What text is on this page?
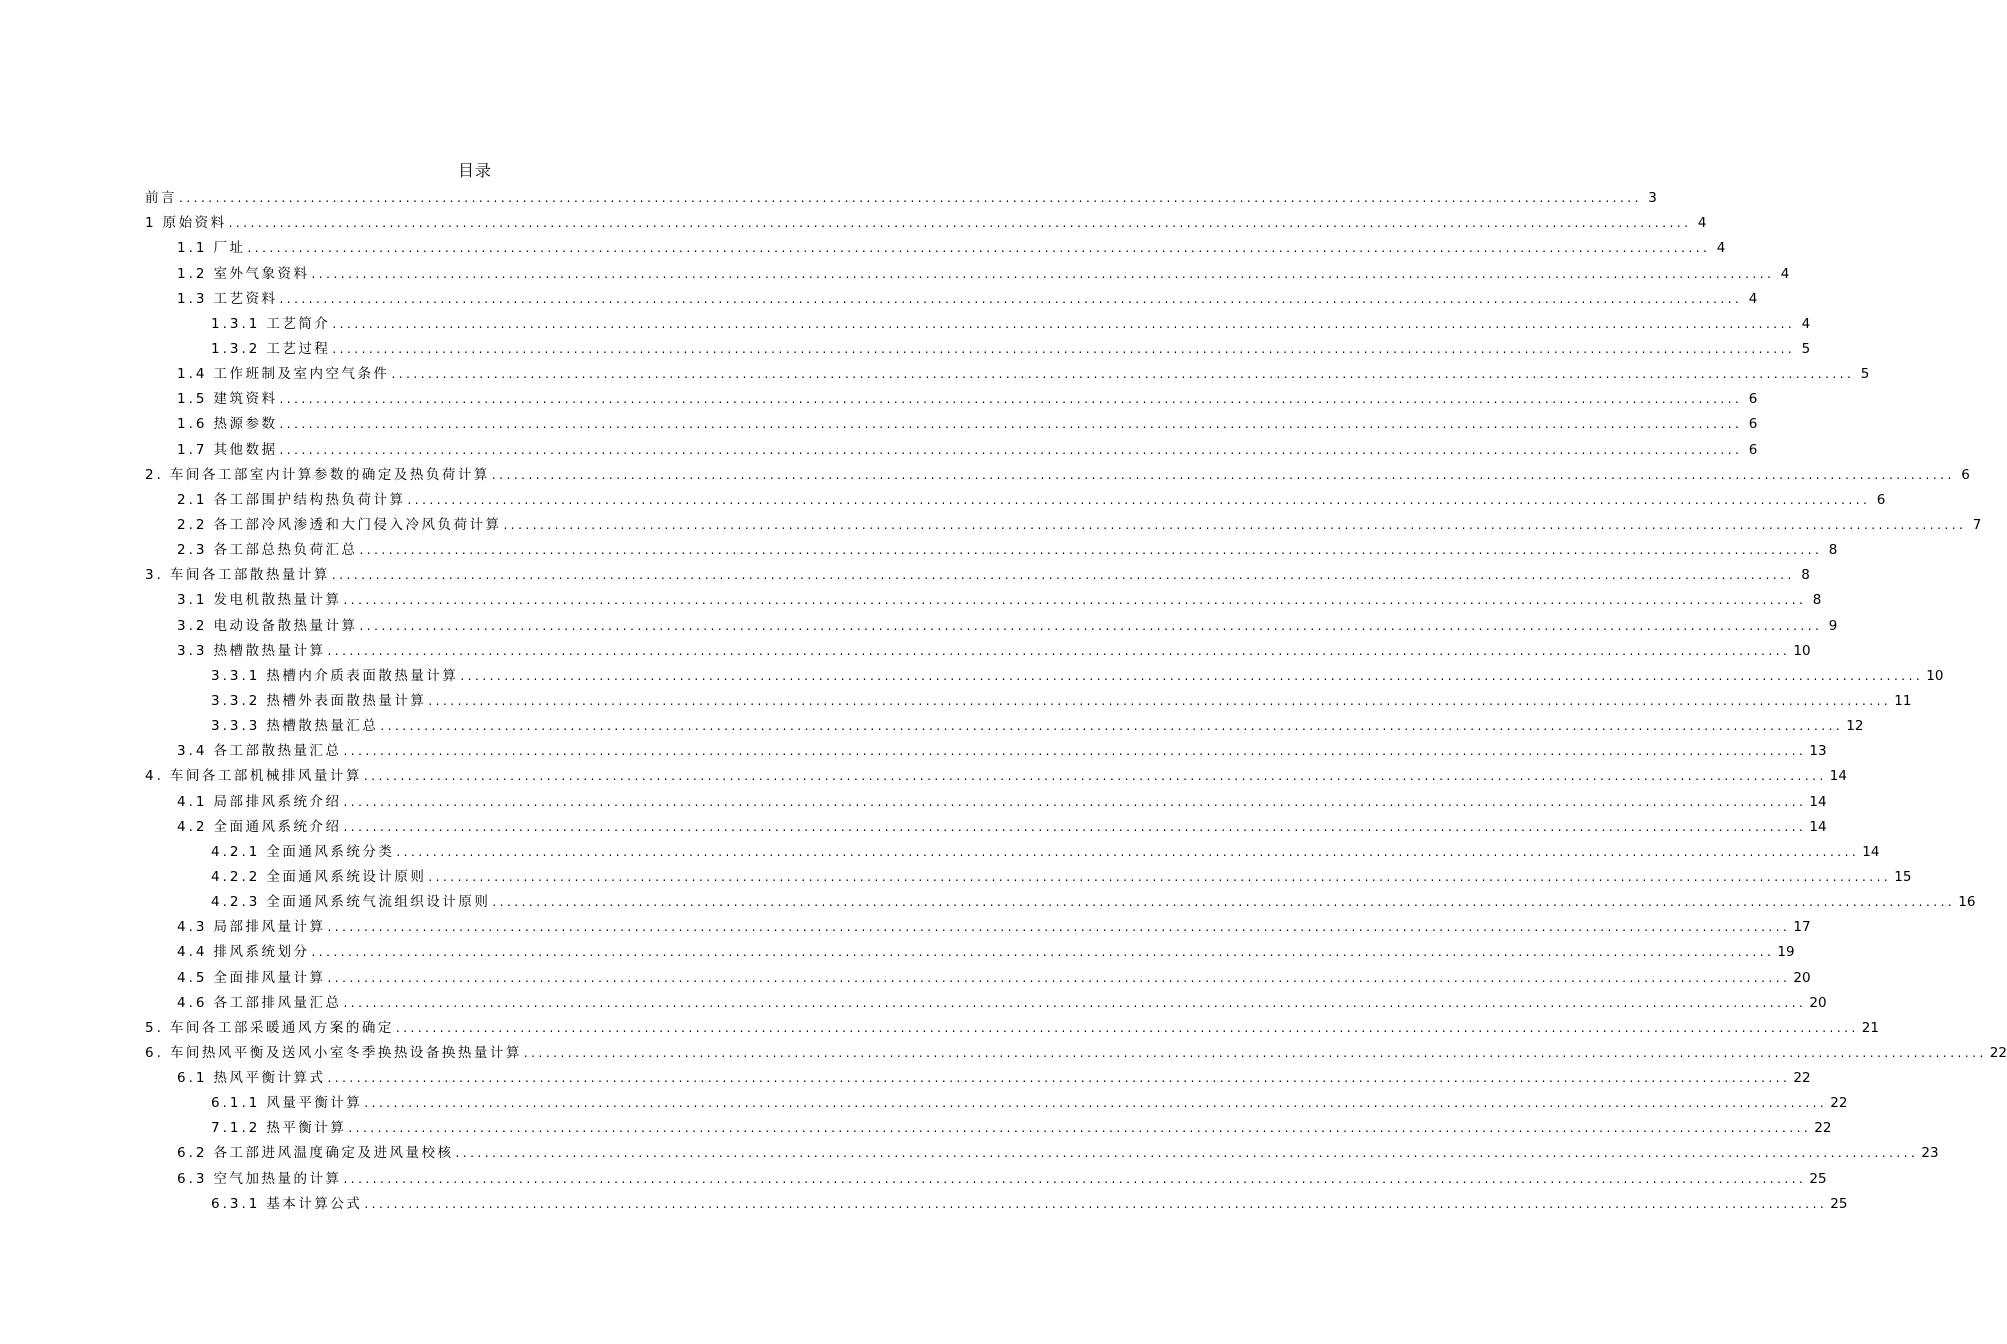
目录
前言 ........................................................................................................................................................................................................ 3
1 原始资料 ........................................................................................................................................................................................................ 4
1.1 厂址 ........................................................................................................................................................................................................ 4
1.2 室外气象资料 ........................................................................................................................................................................................................ 4
1.3 工艺资料 ........................................................................................................................................................................................................ 4
1.3.1 工艺简介 ........................................................................................................................................................................................................ 4
1.3.2 工艺过程 ........................................................................................................................................................................................................ 5
1.4 工作班制及室内空气条件 ........................................................................................................................................................................................................ 5
1.5 建筑资料 ........................................................................................................................................................................................................ 6
1.6 热源参数 ........................................................................................................................................................................................................ 6
1.7 其他数据 ........................................................................................................................................................................................................ 6
2. 车间各工部室内计算参数的确定及热负荷计算 ........................................................................................................................................................................................................ 6
2.1 各工部围护结构热负荷计算 ........................................................................................................................................................................................................ 6
2.2 各工部冷风渗透和大门侵入冷风负荷计算 ........................................................................................................................................................................................................ 7
2.3 各工部总热负荷汇总 ........................................................................................................................................................................................................ 8
3. 车间各工部散热量计算 ........................................................................................................................................................................................................ 8
3.1 发电机散热量计算 ........................................................................................................................................................................................................ 8
3.2 电动设备散热量计算 ........................................................................................................................................................................................................ 9
3.3 热槽散热量计算 ........................................................................................................................................................................................................ 10
3.3.1 热槽内介质表面散热量计算 ........................................................................................................................................................................................................ 10
3.3.2 热槽外表面散热量计算 ........................................................................................................................................................................................................ 11
3.3.3 热槽散热量汇总 ........................................................................................................................................................................................................ 12
3.4 各工部散热量汇总 ........................................................................................................................................................................................................ 13
4. 车间各工部机械排风量计算 ........................................................................................................................................................................................................ 14
4.1 局部排风系统介绍 ........................................................................................................................................................................................................ 14
4.2 全面通风系统介绍 ........................................................................................................................................................................................................ 14
4.2.1 全面通风系统分类 ........................................................................................................................................................................................................ 14
4.2.2 全面通风系统设计原则 ........................................................................................................................................................................................................ 15
4.2.3 全面通风系统气流组织设计原则 ........................................................................................................................................................................................................ 16
4.3 局部排风量计算 ........................................................................................................................................................................................................ 17
4.4 排风系统划分 ........................................................................................................................................................................................................ 19
4.5 全面排风量计算 ........................................................................................................................................................................................................ 20
4.6 各工部排风量汇总 ........................................................................................................................................................................................................ 20
5. 车间各工部采暖通风方案的确定 ........................................................................................................................................................................................................ 21
6. 车间热风平衡及送风小室冬季换热设备换热量计算 ........................................................................................................................................................................................................ 22
6.1 热风平衡计算式 ........................................................................................................................................................................................................ 22
6.1.1 风量平衡计算 ........................................................................................................................................................................................................ 22
7.1.2 热平衡计算 ........................................................................................................................................................................................................ 22
6.2 各工部进风温度确定及进风量校核 ........................................................................................................................................................................................................ 23
6.3 空气加热量的计算 ........................................................................................................................................................................................................ 25
6.3.1 基本计算公式 ........................................................................................................................................................................................................ 25
